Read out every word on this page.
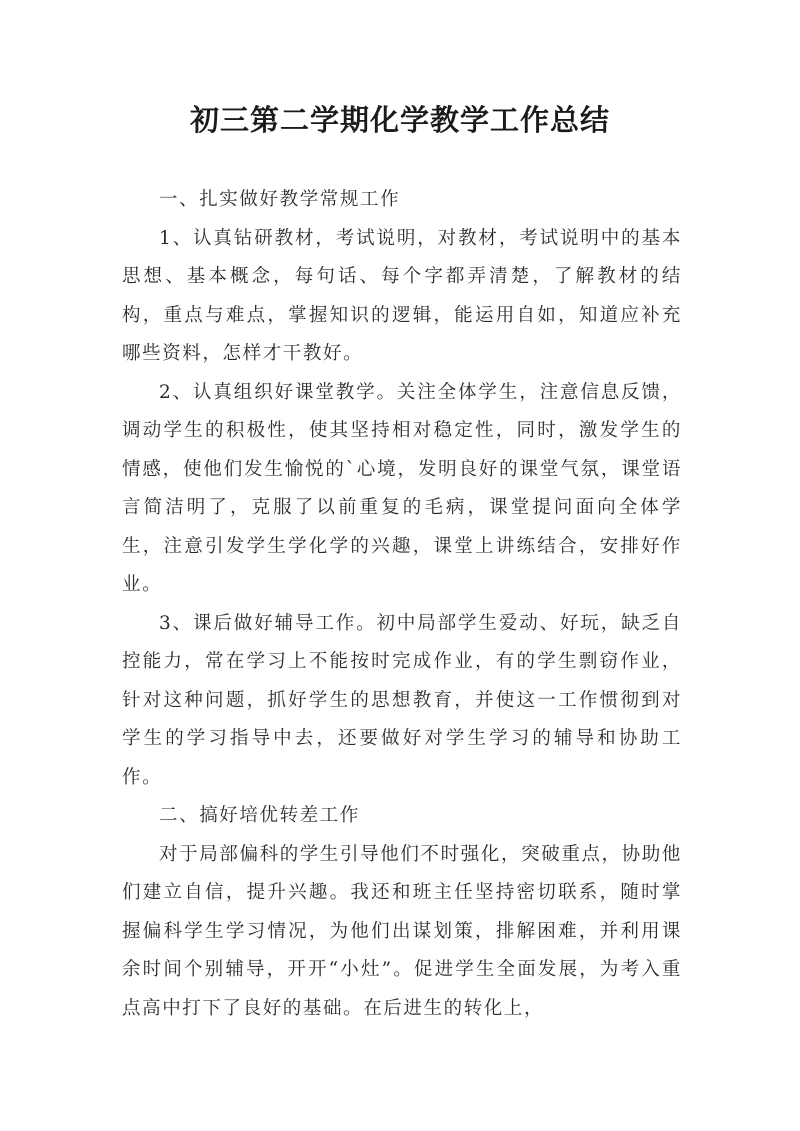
初三第二学期化学教学工作总结

一、扎实做好教学常规工作

1、认真钻研教材，考试说明，对教材，考试说明中的基本思想、基本概念，每句话、每个字都弄清楚，了解教材的结构，重点与难点，掌握知识的逻辑，能运用自如，知道应补充哪些资料，怎样才干教好。

2、认真组织好课堂教学。关注全体学生，注意信息反馈，调动学生的积极性，使其坚持相对稳定性，同时，激发学生的情感，使他们发生愉悦的`心境，发明良好的课堂气氛，课堂语言简洁明了，克服了以前重复的毛病，课堂提问面向全体学生，注意引发学生学化学的兴趣，课堂上讲练结合，安排好作业。

3、课后做好辅导工作。初中局部学生爱动、好玩，缺乏自控能力，常在学习上不能按时完成作业，有的学生剽窃作业，针对这种问题，抓好学生的思想教育，并使这一工作惯彻到对学生的学习指导中去，还要做好对学生学习的辅导和协助工作。

二、搞好培优转差工作

对于局部偏科的学生引导他们不时强化，突破重点，协助他们建立自信，提升兴趣。我还和班主任坚持密切联系，随时掌握偏科学生学习情况，为他们出谋划策，排解困难，并利用课余时间个别辅导，开开“小灶”。促进学生全面发展，为考入重点高中打下了良好的基础。在后进生的转化上，
